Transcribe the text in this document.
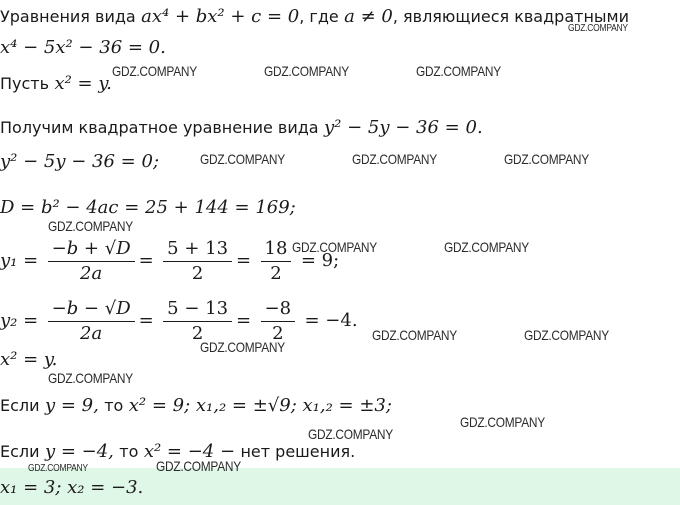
Уравнения вида ax⁴ + bx² + c = 0, где a ≠ 0, являющиеся квадратными
x⁴ − 5x² − 36 = 0.
Пусть x² = y.
Получим квадратное уравнение вида y² − 5y − 36 = 0.
y² − 5y − 36 = 0;
D = b² − 4ac = 25 + 144 = 169;
$y_1 = \frac{-b + √D}{2a} = \frac{5 + 13}{2} = \frac{18}{2} = 9$;
$y_2 = \frac{-b - √D}{2a} = \frac{5 - 13}{2} = \frac{-8}{2} = -4$.
x² = y.
Если y = 9, то x² = 9; x₁,₂ = ±√9; x₁,₂ = ±3;
Если y = −4, то x² = −4 − нет решения.
x₁ = 3; x₂ = −3.
GDZ.COMPANY
GDZ.COMPANY	GDZ.COMPANY	GDZ.COMPANY
GDZ.COMPANY	GDZ.COMPANY	GDZ.COMPANY
GDZ.COMPANY
GDZ.COMPANY	GDZ.COMPANY
GDZ.COMPANY	GDZ.COMPANY
GDZ.COMPANY
GDZ.COMPANY
GDZ.COMPANY
GDZ.COMPANY
GDZ.COMPANY	GDZ.COMPANY
